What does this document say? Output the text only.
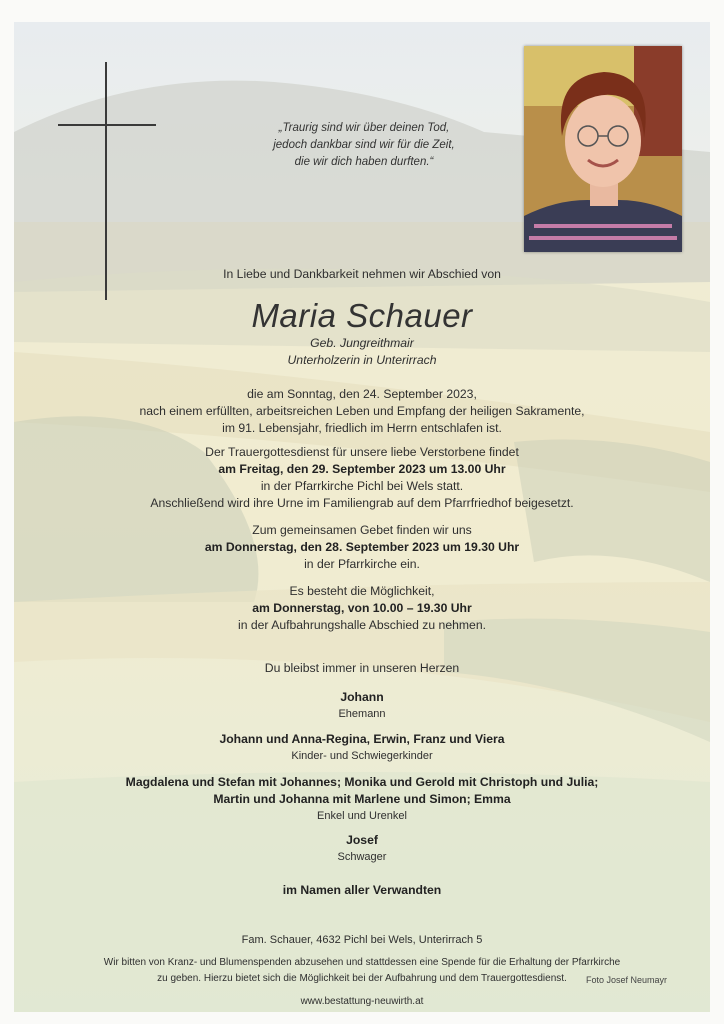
„Traurig sind wir über deinen Tod,
jedoch dankbar sind wir für die Zeit,
die wir dich haben durften.“
In Liebe und Dankbarkeit nehmen wir Abschied von
Maria Schauer
Geb. Jungreithmair
Unterholzerin in Unterirrach
die am Sonntag, den 24. September 2023,
nach einem erfüllten, arbeitsreichen Leben und Empfang der heiligen Sakramente,
im 91. Lebensjahr, friedlich im Herrn entschlafen ist.
Der Trauergottesdienst für unsere liebe Verstorbene findet
am Freitag, den 29. September 2023 um 13.00 Uhr
in der Pfarrkirche Pichl bei Wels statt.
Anschließend wird ihre Urne im Familiengrab auf dem Pfarrfriedhof beigesetzt.
Zum gemeinsamen Gebet finden wir uns
am Donnerstag, den 28. September 2023 um 19.30 Uhr
in der Pfarrkirche ein.
Es besteht die Möglichkeit,
am Donnerstag, von 10.00 – 19.30 Uhr
in der Aufbahrungshalle Abschied zu nehmen.
Du bleibst immer in unseren Herzen
Johann
Ehemann
Johann und Anna-Regina, Erwin, Franz und Viera
Kinder- und Schwiegerkinder
Magdalena und Stefan mit Johannes; Monika und Gerold mit Christoph und Julia;
Martin und Johanna mit Marlene und Simon; Emma
Enkel und Urenkel
Josef
Schwager
im Namen aller Verwandten
Fam. Schauer, 4632 Pichl bei Wels, Unterirrach 5
Wir bitten von Kranz- und Blumenspenden abzusehen und stattdessen eine Spende für die Erhaltung der Pfarrkirche
zu geben. Hierzu bietet sich die Möglichkeit bei der Aufbahrung und dem Trauergottesdienst.
www.bestattung-neuwirth.at
Foto Josef Neumayr
